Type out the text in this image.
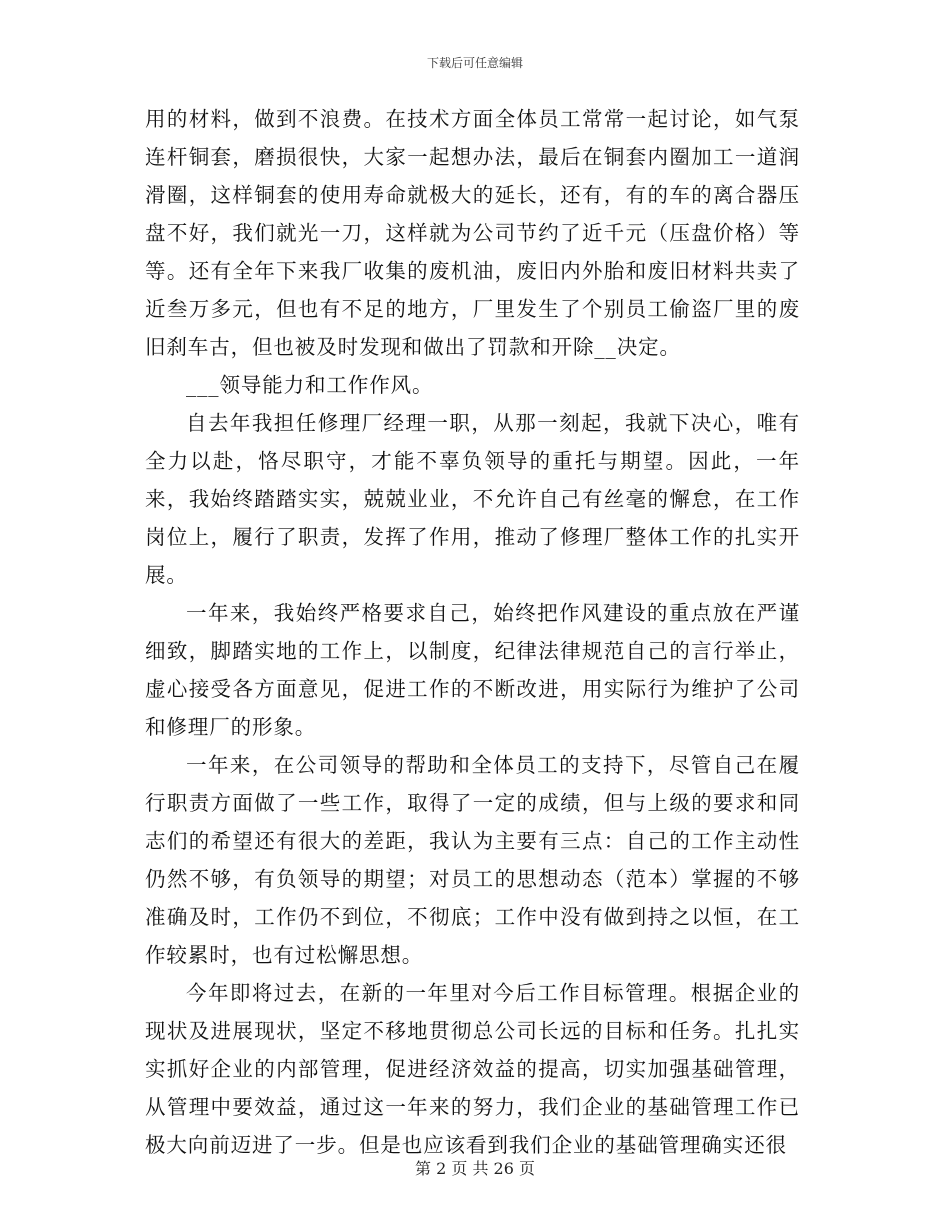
下载后可任意编辑

用的材料，做到不浪费。在技术方面全体员工常常一起讨论，如气泵连杆铜套，磨损很快，大家一起想办法，最后在铜套内圈加工一道润滑圈，这样铜套的使用寿命就极大的延长，还有，有的车的离合器压盘不好，我们就光一刀，这样就为公司节约了近千元（压盘价格）等等。还有全年下来我厂收集的废机油，废旧内外胎和废旧材料共卖了近叁万多元，但也有不足的地方，厂里发生了个别员工偷盗厂里的废旧刹车古，但也被及时发现和做出了罚款和开除__决定。

___领导能力和工作作风。

自去年我担任修理厂经理一职，从那一刻起，我就下决心，唯有全力以赴，恪尽职守，才能不辜负领导的重托与期望。因此，一年来，我始终踏踏实实，兢兢业业，不允许自己有丝毫的懈怠，在工作岗位上，履行了职责，发挥了作用，推动了修理厂整体工作的扎实开展。

一年来，我始终严格要求自己，始终把作风建设的重点放在严谨细致，脚踏实地的工作上，以制度，纪律法律规范自己的言行举止，虚心接受各方面意见，促进工作的不断改进，用实际行为维护了公司和修理厂的形象。

一年来，在公司领导的帮助和全体员工的支持下，尽管自己在履行职责方面做了一些工作，取得了一定的成绩，但与上级的要求和同志们的希望还有很大的差距，我认为主要有三点：自己的工作主动性仍然不够，有负领导的期望；对员工的思想动态（范本）掌握的不够准确及时，工作仍不到位，不彻底；工作中没有做到持之以恒，在工作较累时，也有过松懈思想。

今年即将过去，在新的一年里对今后工作目标管理。根据企业的现状及进展现状，坚定不移地贯彻总公司长远的目标和任务。扎扎实实抓好企业的内部管理，促进经济效益的提高，切实加强基础管理，从管理中要效益，通过这一年来的努力，我们企业的基础管理工作已极大向前迈进了一步。但是也应该看到我们企业的基础管理确实还很

第 2 页 共 26 页
